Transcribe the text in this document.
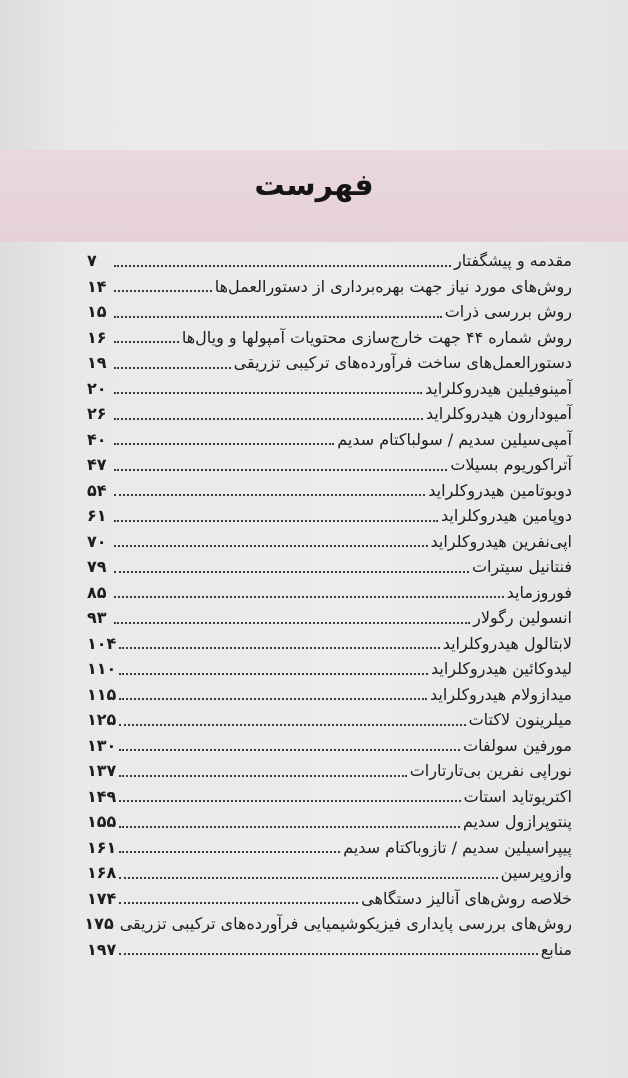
فهرست
مقدمه و پیشگفتار
۷
روش‌های مورد نیاز جهت بهره‌برداری از دستورالعمل‌ها
۱۴
روش بررسی ذرات
۱۵
روش شماره ۴۴ جهت خارج‌سازی محتویات آمپولها و ویال‌ها
۱۶
دستورالعمل‌های ساخت فرآورده‌های ترکیبی تزریقی
۱۹
آمینوفیلین هیدروکلراید
۲۰
آمیودارون هیدروکلراید
۲۶
آمپی‌سیلین سدیم / سولباکتام سدیم
۴۰
آتراکوریوم بسیلات
۴۷
دوبوتامین هیدروکلراید
۵۴
دوپامین هیدروکلراید
۶۱
اپی‌نفرین هیدروکلراید
۷۰
فنتانیل سیترات
۷۹
فوروزماید
۸۵
انسولین رگولار
۹۳
لابتالول هیدروکلراید
۱۰۴
لیدوکائین هیدروکلراید
۱۱۰
میدازولام هیدروکلراید
۱۱۵
میلرینون لاکتات
۱۲۵
مورفین سولفات
۱۳۰
نوراپی نفرین بی‌تارتارات
۱۳۷
اکتریوتاید استات
۱۴۹
پنتوپرازول سدیم
۱۵۵
پیپراسیلین سدیم / تازوباکتام سدیم
۱۶۱
وازوپرسین
۱۶۸
خلاصه روش‌های آنالیز دستگاهی
۱۷۴
روش‌های بررسی پایداری فیزیکوشیمیایی فرآورده‌های ترکیبی تزریقی
۱۷۵
منابع
۱۹۷
